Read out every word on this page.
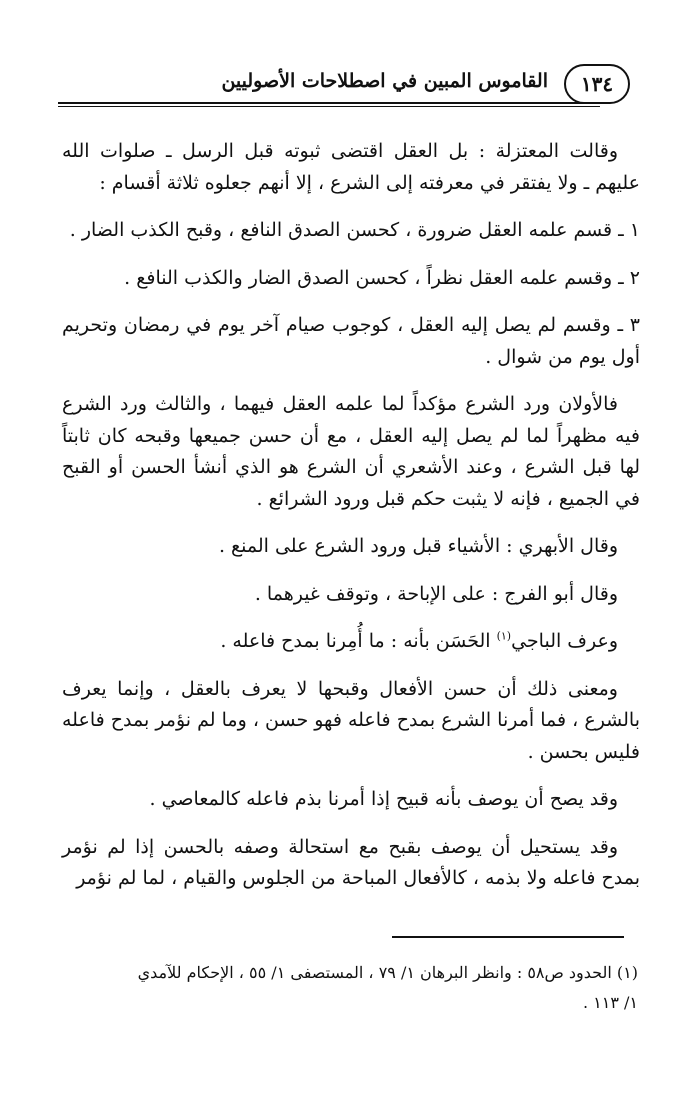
١٣٤
القاموس المبين في اصطلاحات الأصوليين

وقالت المعتزلة : بل العقل اقتضى ثبوته قبل الرسل ـ صلوات الله عليهم ـ ولا يفتقر في معرفته إلى الشرع ، إلا أنهم جعلوه ثلاثة أقسام :

١ ـ قسم علمه العقل ضرورة ، كحسن الصدق النافع ، وقبح الكذب الضار .

٢ ـ وقسم علمه العقل نظراً ، كحسن الصدق الضار والكذب النافع .

٣ ـ وقسم لم يصل إليه العقل ، كوجوب صيام آخر يوم في رمضان وتحريم أول يوم من شوال .

فالأولان ورد الشرع مؤكداً لما علمه العقل فيهما ، والثالث ورد الشرع فيه مظهراً لما لم يصل إليه العقل ، مع أن حسن جميعها وقبحه كان ثابتاً لها قبل الشرع ، وعند الأشعري أن الشرع هو الذي أنشأ الحسن أو القبح في الجميع ، فإنه لا يثبت حكم قبل ورود الشرائع .

وقال الأبهري : الأشياء قبل ورود الشرع على المنع .

وقال أبو الفرج : على الإباحة ، وتوقف غيرهما .

وعرف الباجي$^{(١)}$ الحَسَن بأنه : ما أُمِرنا بمدح فاعله .

ومعنى ذلك أن حسن الأفعال وقبحها لا يعرف بالعقل ، وإنما يعرف بالشرع ، فما أمرنا الشرع بمدح فاعله فهو حسن ، وما لم نؤمر بمدح فاعله فليس بحسن .

وقد يصح أن يوصف بأنه قبيح إذا أمرنا بذم فاعله كالمعاصي .

وقد يستحيل أن يوصف بقبح مع استحالة وصفه بالحسن إذا لم نؤمر بمدح فاعله ولا بذمه ، كالأفعال المباحة من الجلوس والقيام ، لما لم نؤمر

(١) الحدود ص٥٨ : وانظر البرهان ١/ ٧٩ ، المستصفى ١/ ٥٥ ، الإحكام للآمدي

١/ ١١٣ .
